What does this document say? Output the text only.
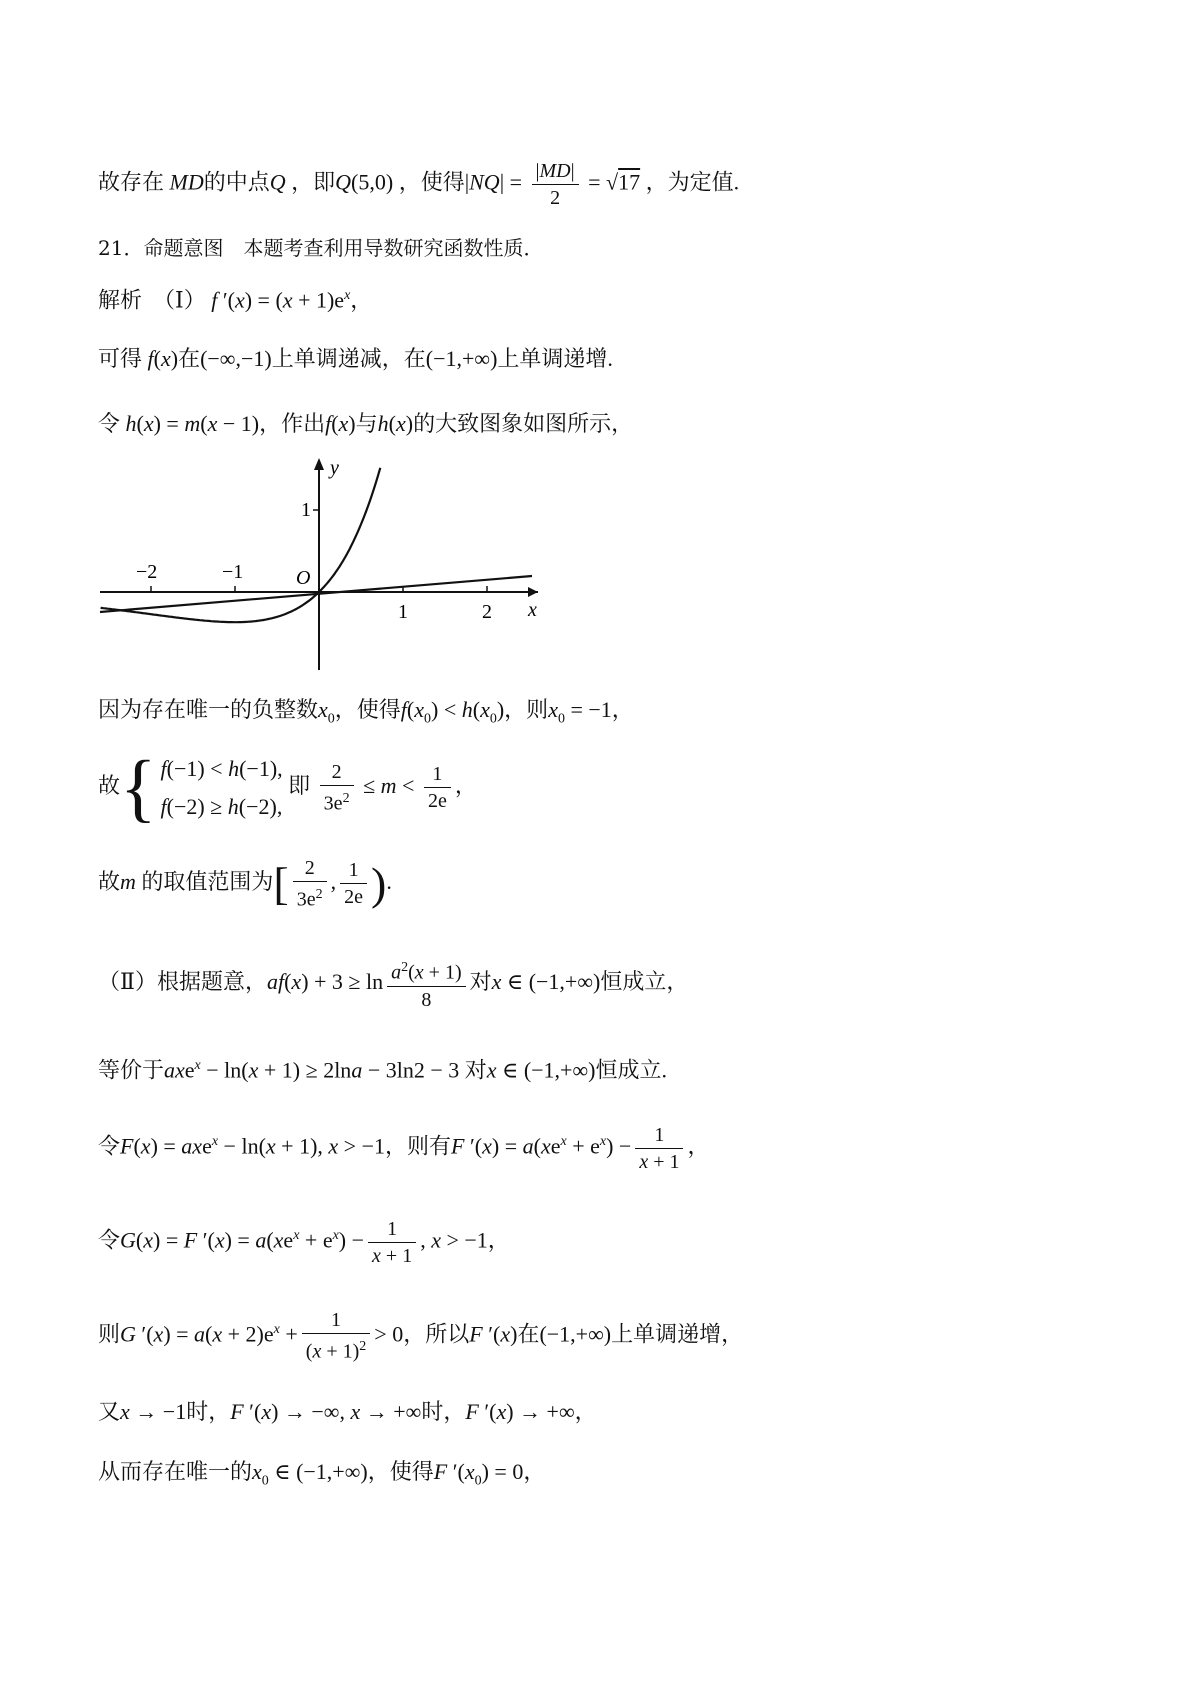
故存在 MD的中点Q ，即Q(5,0) ，使得$|NQ| = \frac{|MD|}{2} = √17$ ，为定值.
21．命题意图　本题考查利用导数研究函数性质．
解析　（Ⅰ） f $'(x) = (x + 1)e^x$，
可得 f(x)在(−∞,−1)上单调递减，在(−1,+∞)上单调递增.
令 h(x) = m(x − 1)，作出f(x)与h(x)的大致图象如图所示，
y
x
O
−2	−1
1	2
1
因为存在唯一的负整数$x_0$，使得$f(x_0) < h(x_0)$，则$x_0 = -1$，
故{ f(−1) < h(−1),
f(−2) ≥ h(−2),
即 $\frac{2}{3e^2} \le m < \frac{1}{2e}$ ，
故m 的取值范围为[ $\frac{2}{3e^2}$ , $\frac{1}{2e}$ ).
（Ⅱ）根据题意，$af(x) + 3 \ge \ln \frac{a^2(x + 1)}{8}$ 对x ∈ (−1,+∞)恒成立，
等价于axe$^x$ − ln(x + 1) ≥ 2lna − 3ln2 − 3 对x ∈ (−1,+∞)恒成立.
令F(x) = axe$^x$ − ln(x + 1), x > −1，则有F $'(x) = a(xe^x + e^x) - \frac{1}{x + 1}$ ，
令G(x) = F $'(x) = a(xe^x + e^x) - \frac{1}{x + 1}$ , x > −1，
则G $'(x) = a(x + 2)e^x + \frac{1}{(x + 1)^2} > 0$，所以F ′(x)在(−1,+∞)上单调递增，
又x → −1时，F ′(x) → −∞, x → +∞时，F ′(x) → +∞，
从而存在唯一的$x_0$ ∈ (−1,+∞)，使得F $'(x_0) = 0$，
